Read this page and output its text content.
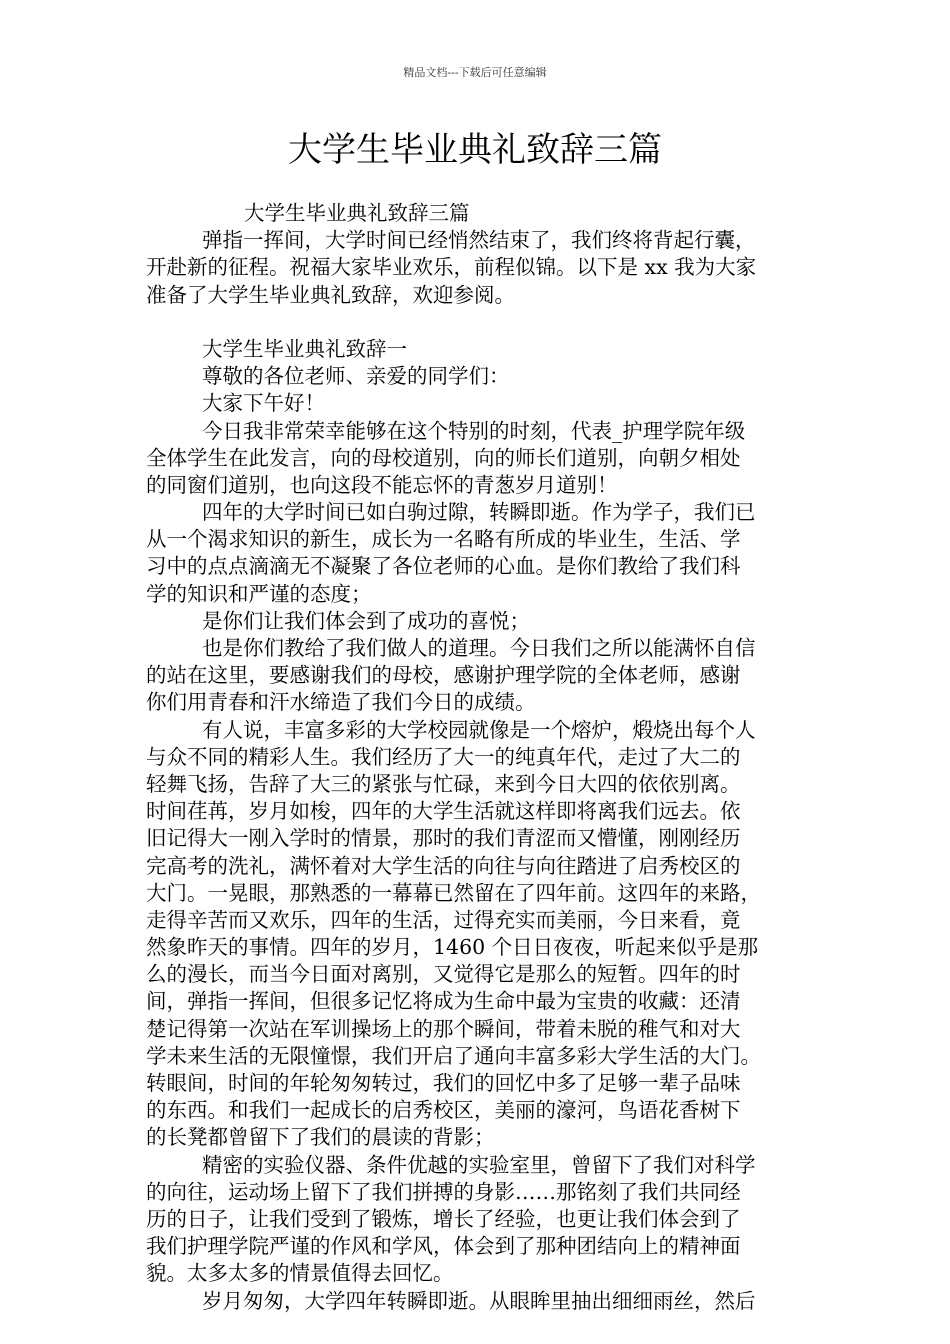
精品文档---下载后可任意编辑
大学生毕业典礼致辞三篇
大学生毕业典礼致辞三篇
弹指一挥间，大学时间已经悄然结束了，我们终将背起行囊，
开赴新的征程。祝福大家毕业欢乐，前程似锦。以下是 xx 我为大家
准备了大学生毕业典礼致辞，欢迎参阅。
大学生毕业典礼致辞一
尊敬的各位老师、亲爱的同学们：
大家下午好！
今日我非常荣幸能够在这个特别的时刻，代表_护理学院年级
全体学生在此发言，向的母校道别，向的师长们道别，向朝夕相处
的同窗们道别，也向这段不能忘怀的青葱岁月道别！
四年的大学时间已如白驹过隙，转瞬即逝。作为学子，我们已
从一个渴求知识的新生，成长为一名略有所成的毕业生，生活、学
习中的点点滴滴无不凝聚了各位老师的心血。是你们教给了我们科
学的知识和严谨的态度；
是你们让我们体会到了成功的喜悦；
也是你们教给了我们做人的道理。今日我们之所以能满怀自信
的站在这里，要感谢我们的母校，感谢护理学院的全体老师，感谢
你们用青春和汗水缔造了我们今日的成绩。
有人说，丰富多彩的大学校园就像是一个熔炉，煅烧出每个人
与众不同的精彩人生。我们经历了大一的纯真年代，走过了大二的
轻舞飞扬，告辞了大三的紧张与忙碌，来到今日大四的依依别离。
时间荏苒，岁月如梭，四年的大学生活就这样即将离我们远去。依
旧记得大一刚入学时的情景，那时的我们青涩而又懵懂，刚刚经历
完高考的洗礼，满怀着对大学生活的向往与向往踏进了启秀校区的
大门。一晃眼，那熟悉的一幕幕已然留在了四年前。这四年的来路，
走得辛苦而又欢乐，四年的生活，过得充实而美丽，今日来看，竟
然象昨天的事情。四年的岁月，1460 个日日夜夜，听起来似乎是那
么的漫长，而当今日面对离别，又觉得它是那么的短暂。四年的时
间，弹指一挥间，但很多记忆将成为生命中最为宝贵的收藏：还清
楚记得第一次站在军训操场上的那个瞬间，带着未脱的稚气和对大
学未来生活的无限憧憬，我们开启了通向丰富多彩大学生活的大门。
转眼间，时间的年轮匆匆转过，我们的回忆中多了足够一辈子品味
的东西。和我们一起成长的启秀校区，美丽的濠河，鸟语花香树下
的长凳都曾留下了我们的晨读的背影；
精密的实验仪器、条件优越的实验室里，曾留下了我们对科学
的向往，运动场上留下了我们拼搏的身影……那铭刻了我们共同经
历的日子，让我们受到了锻炼，增长了经验，也更让我们体会到了
我们护理学院严谨的作风和学风，体会到了那种团结向上的精神面
貌。太多太多的情景值得去回忆。
岁月匆匆，大学四年转瞬即逝。从眼眸里抽出细细雨丝，然后
